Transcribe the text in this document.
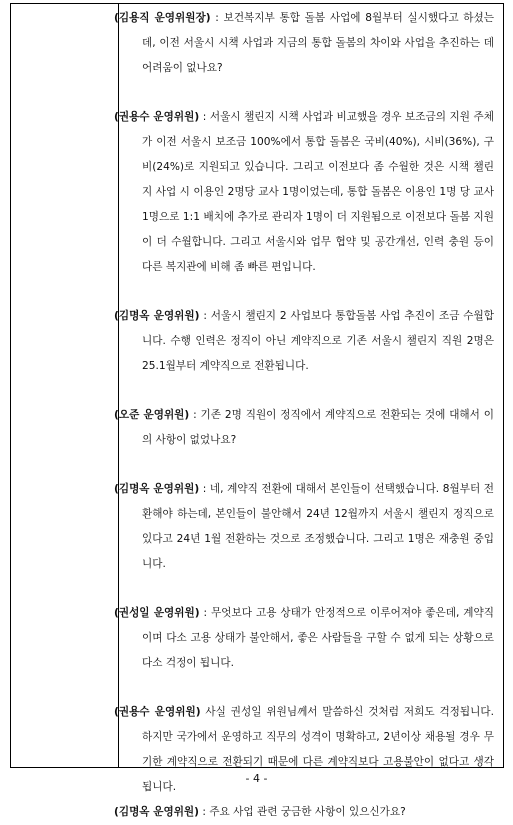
(김용직 운영위원장) : 보건복지부 통합 돌봄 사업에 8월부터 실시했다고 하셨는데, 이전 서울시 시책 사업과 지금의 통합 돌봄의 차이와 사업을 추진하는 데 어려움이 없나요?

(권용수 운영위원) : 서울시 챌린지 시책 사업과 비교했을 경우 보조금의 지원 주체가 이전 서울시 보조금 100%에서 통합 돌봄은 국비(40%), 시비(36%), 구비(24%)로 지원되고 있습니다. 그리고 이전보다 좀 수월한 것은 시책 챌린지 사업 시 이용인 2명당 교사 1명이었는데, 통합 돌봄은 이용인 1명 당 교사 1명으로 1:1 배치에 추가로 관리자 1명이 더 지원됨으로 이전보다 돌봄 지원이 더 수월합니다. 그리고 서울시와 업무 협약 및 공간개선, 인력 충원 등이 다른 복지관에 비해 좀 빠른 편입니다.

(김명옥 운영위원) : 서울시 챌린지 2 사업보다 통합돌봄 사업 추진이 조금 수월합니다. 수행 인력은 정직이 아닌 계약직으로 기존 서울시 챌린지 직원 2명은 25.1월부터 계약직으로 전환됩니다.

(오준 운영위원) : 기존 2명 직원이 정직에서 계약직으로 전환되는 것에 대해서 이의 사항이 없었나요?

(김명옥 운영위원) : 네, 계약직 전환에 대해서 본인들이 선택했습니다. 8월부터 전환해야 하는데, 본인들이 불안해서 24년 12월까지 서울시 챌린지 정직으로 있다고 24년 1월 전환하는 것으로 조정했습니다. 그리고 1명은 재충원 중입니다.

(권성일 운영위원) : 무엇보다 고용 상태가 안정적으로 이루어져야 좋은데, 계약직이며 다소 고용 상태가 불안해서, 좋은 사람들을 구할 수 없게 되는 상황으로 다소 걱정이 됩니다.

(권용수 운영위원) 사실 권성일 위원님께서 말씀하신 것처럼 저희도 걱정됩니다. 하지만 국가에서 운영하고 직무의 성격이 명확하고, 2년이상 채용될 경우 무기한 계약직으로 전환되기 때문에 다른 계약직보다 고용불안이 없다고 생각됩니다.

(김명옥 운영위원) : 주요 사업 관련 궁금한 사항이 있으신가요?

- 4 -
